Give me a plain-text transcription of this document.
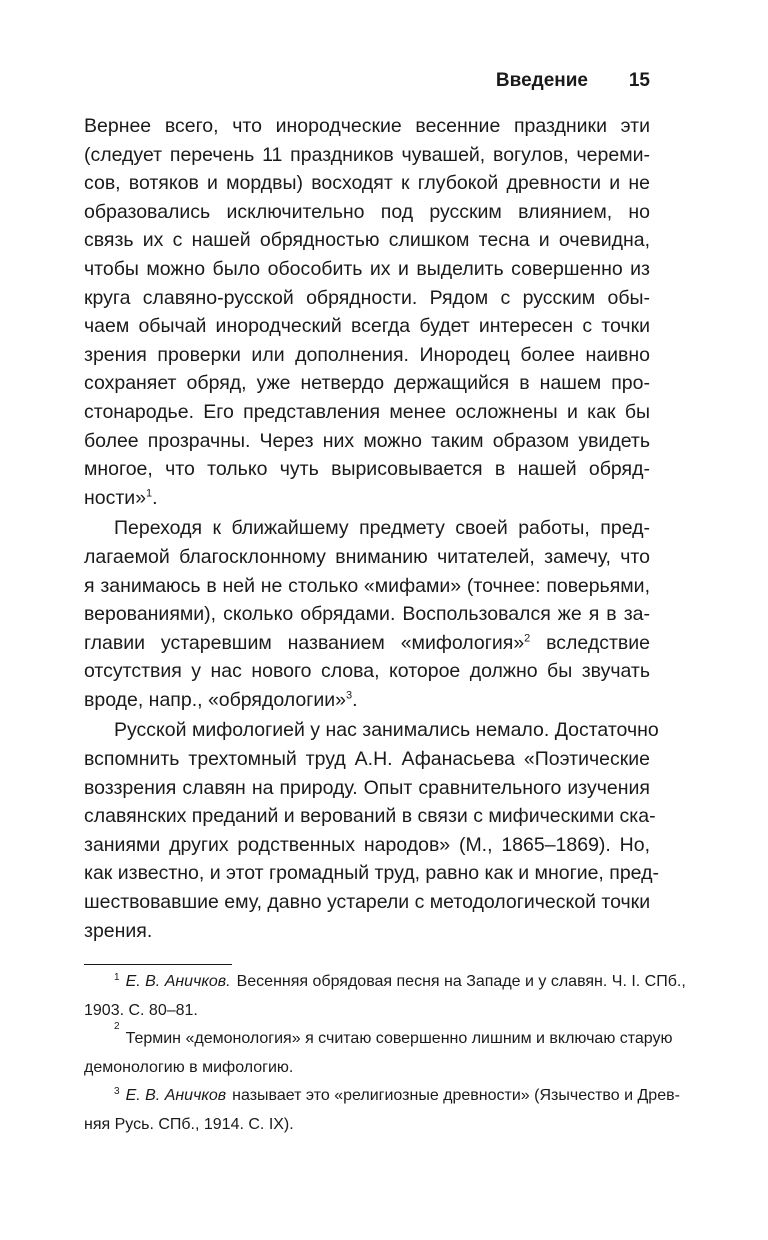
Введение 15
Вернее всего, что инородческие весенние праздники эти
(следует перечень 11 праздников чувашей, вогулов, череми-
сов, вотяков и мордвы) восходят к глубокой древности и не
образовались исключительно под русским влиянием, но
связь их с нашей обрядностью слишком тесна и очевидна,
чтобы можно было обособить их и выделить совершенно из
круга славяно-русской обрядности. Рядом с русским обы-
чаем обычай инородческий всегда будет интересен с точки
зрения проверки или дополнения. Инородец более наивно
сохраняет обряд, уже нетвердо держащийся в нашем про-
стонародье. Его представления менее осложнены и как бы
более прозрачны. Через них можно таким образом увидеть
многое, что только чуть вырисовывается в нашей обряд-
ности»$^1$.
Переходя к ближайшему предмету своей работы, пред-
лагаемой благосклонному вниманию читателей, замечу, что
я занимаюсь в ней не столько «мифами» (точнее: поверьями,
верованиями), сколько обрядами. Воспользовался же я в за-
главии устаревшим названием «мифология»$^2$ вследствие
отсутствия у нас нового слова, которое должно бы звучать
вроде, напр., «обрядологии»$^3$.
Русской мифологией у нас занимались немало. Достаточно
вспомнить трехтомный труд А.Н. Афанасьева «Поэтические
воззрения славян на природу. Опыт сравнительного изучения
славянских преданий и верований в связи с мифическими ска-
заниями других родственных народов» (М., 1865–1869). Но,
как известно, и этот громадный труд, равно как и многие, пред-
шествовавшие ему, давно устарели с методологической точки
зрения.
$^1$ Е. В. Аничков. Весенняя обрядовая песня на Западе и у славян. Ч. I. СПб.,
1903. С. 80–81.
2
Термин «демонология» я считаю совершенно лишним и включаю старую
демонологию в мифологию.
$^3$ Е. В. Аничков называет это «религиозные древности» (Язычество и Древ-
няя Русь. СПб., 1914. С. IX).
